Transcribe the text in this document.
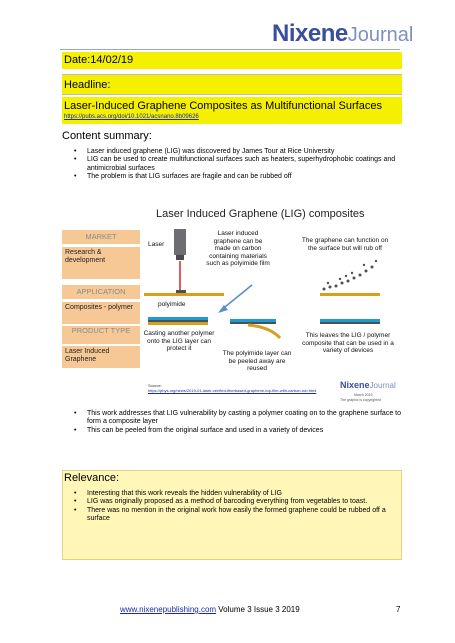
NixeneJournal
Date:14/02/19
Headline:
Laser-Induced Graphene Composites as Multifunctional Surfaces
https://pubs.acs.org/doi/10.1021/acsnano.8b09626
Content summary:
• Laser induced graphene (LIG) was discovered by James Tour at Rice University
• LIG can be used to create multifunctional surfaces such as heaters, superhydrophobic coatings and antimicrobial surfaces
• The problem is that LIG surfaces are fragile and can be rubbed off
Laser Induced Graphene (LIG) composites
MARKET
Research & development
APPLICATION
Composites - polymer
PRODUCT TYPE
Laser Induced Graphene
Laser
Laser induced graphene can be made on carbon containing materials such as polyimide film
The graphene can function on the surface but will rub off
polyimide
Casting another polymer onto the LIG layer can protect it
The polyimide layer can be peeled away are reused
This leaves the LIG / polymer composite that can be used in a variety of devices
Source:
https://phys.org/news/2019-01-laser-verified-fiberbased-graphene-top-film-with-carbon-rub.html
NixeneJournal
March 2019
The graphic is copyrighted
• This work addresses that LIG vulnerability by casting a polymer coating on to the graphene surface to form a composite layer
• This can be peeled from the original surface and used in a variety of devices
Relevance:
• Interesting that this work reveals the hidden vulnerability of LIG
• LIG was originally proposed as a method of barcoding everything from vegetables to toast.
• There was no mention in the original work how easily the formed graphene could be rubbed off a surface
www.nixenepublishing.com Volume 3 Issue 3 2019	7
